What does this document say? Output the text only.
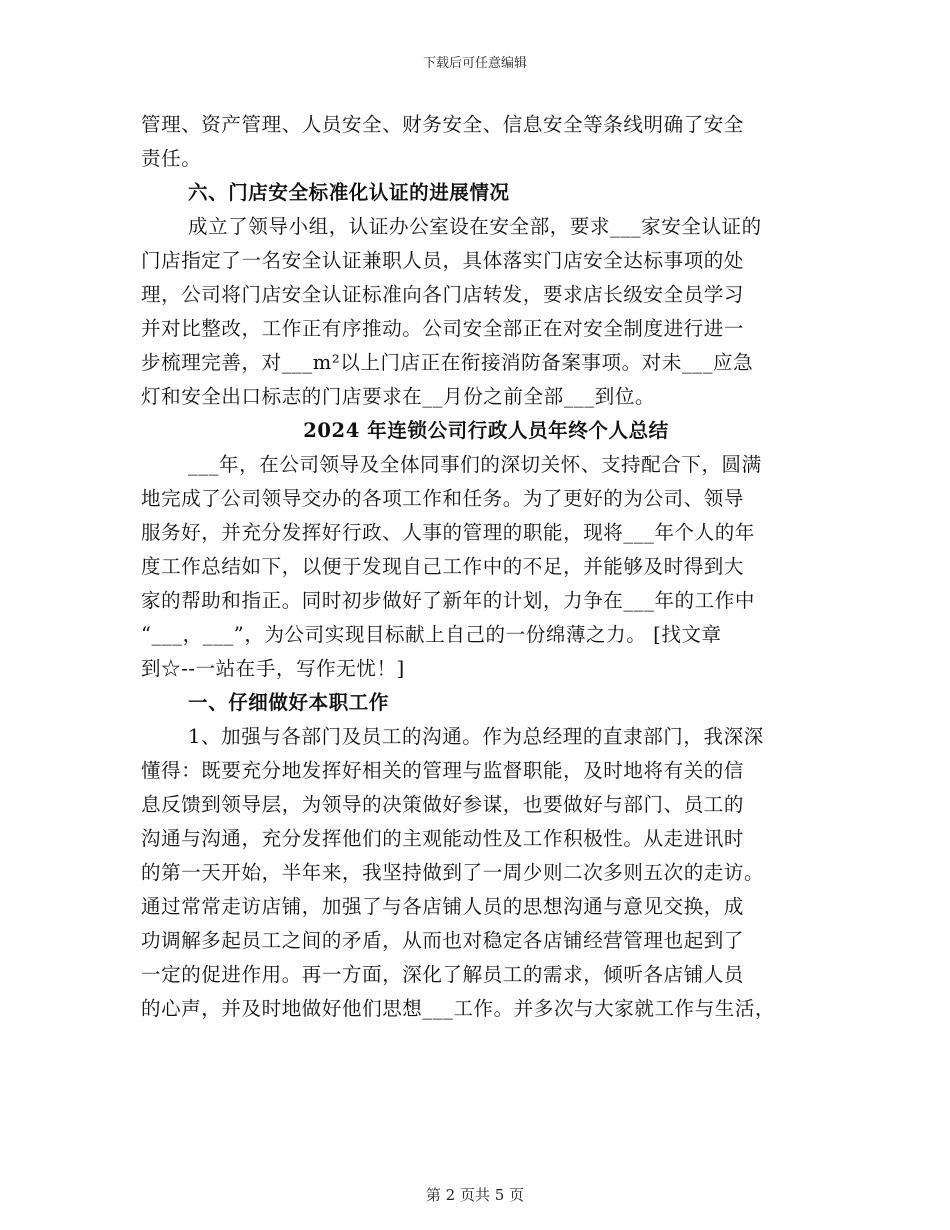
下载后可任意编辑
管理、资产管理、人员安全、财务安全、信息安全等条线明确了安全
责任。
六、门店安全标准化认证的进展情况
成立了领导小组，认证办公室设在安全部，要求___家安全认证的
门店指定了一名安全认证兼职人员，具体落实门店安全达标事项的处
理，公司将门店安全认证标准向各门店转发，要求店长级安全员学习
并对比整改，工作正有序推动。公司安全部正在对安全制度进行进一
步梳理完善，对___m²以上门店正在衔接消防备案事项。对未___应急
灯和安全出口标志的门店要求在__月份之前全部___到位。
2024 年连锁公司行政人员年终个人总结
___年，在公司领导及全体同事们的深切关怀、支持配合下，圆满
地完成了公司领导交办的各项工作和任务。为了更好的为公司、领导
服务好，并充分发挥好行政、人事的管理的职能，现将___年个人的年
度工作总结如下，以便于发现自己工作中的不足，并能够及时得到大
家的帮助和指正。同时初步做好了新年的计划，力争在___年的工作中
“___，___”，为公司实现目标献上自己的一份绵薄之力。 [找文章
到☆--一站在手，写作无忧！]
一、仔细做好本职工作
1、加强与各部门及员工的沟通。作为总经理的直隶部门，我深深
懂得：既要充分地发挥好相关的管理与监督职能，及时地将有关的信
息反馈到领导层，为领导的决策做好参谋，也要做好与部门、员工的
沟通与沟通，充分发挥他们的主观能动性及工作积极性。从走进讯时
的第一天开始，半年来，我坚持做到了一周少则二次多则五次的走访。
通过常常走访店铺，加强了与各店铺人员的思想沟通与意见交换，成
功调解多起员工之间的矛盾，从而也对稳定各店铺经营管理也起到了
一定的促进作用。再一方面，深化了解员工的需求，倾听各店铺人员
的心声，并及时地做好他们思想___工作。并多次与大家就工作与生活，
第 2 页共 5 页
